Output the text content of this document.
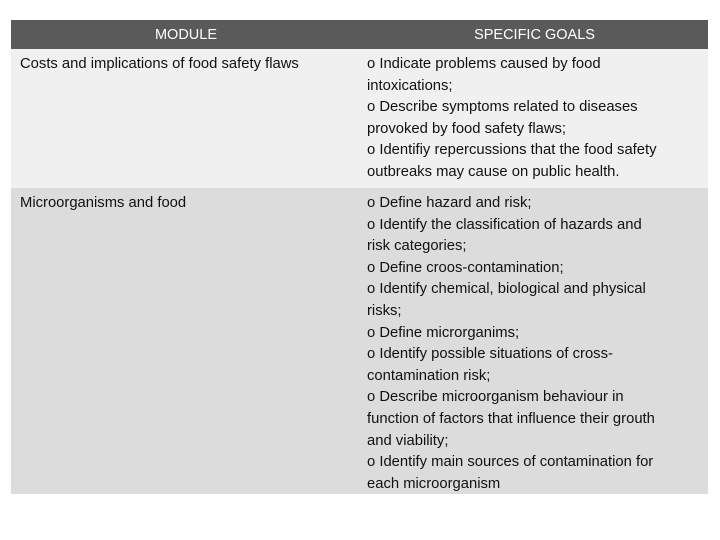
MODULE	SPECIFIC GOALS
Costs and implications of food safety flaws	o Indicate problems caused by food
intoxications;
o Describe symptoms related to diseases
provoked by food safety flaws;
o Identifiy repercussions that the food safety
outbreaks may cause on public health.
Microorganisms and food	o Define hazard and risk;
o Identify the classification of hazards and
risk categories;
o Define croos-contamination;
o Identify chemical, biological and physical
risks;
o Define microrganims;
o Identify possible situations of cross-
contamination risk;
o Describe microorganism behaviour in
function of factors that influence their grouth
and viability;
o Identify main sources of contamination for
each microorganism
